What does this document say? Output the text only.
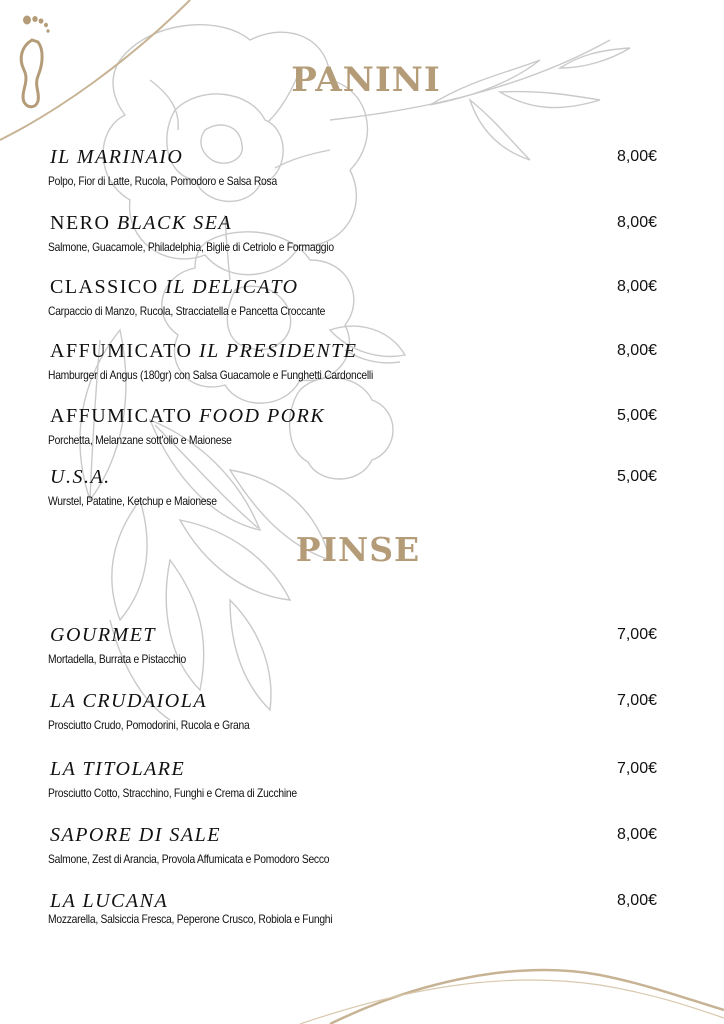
PANINI
IL MARINAIO
Polpo, Fior di Latte, Rucola, Pomodoro e Salsa Rosa
8,00€
NERO BLACK SEA
Salmone, Guacamole, Philadelphia, Biglie di Cetriolo e Formaggio
8,00€
CLASSICO IL DELICATO
Carpaccio di Manzo, Rucola, Stracciatella e Pancetta Croccante
8,00€
AFFUMICATO IL PRESIDENTE
Hamburger di Angus (180gr) con Salsa Guacamole e Funghetti Cardoncelli
8,00€
AFFUMICATO FOOD PORK
Porchetta, Melanzane sott'olio e Maionese
5,00€
U.S.A.
Wurstel, Patatine, Ketchup e Maionese
5,00€
PINSE
GOURMET
Mortadella, Burrata e Pistacchio
7,00€
LA CRUDAIOLA
Prosciutto Crudo, Pomodorini, Rucola e Grana
7,00€
LA TITOLARE
Prosciutto Cotto, Stracchino, Funghi e Crema di Zucchine
7,00€
SAPORE DI SALE
Salmone, Zest di Arancia, Provola Affumicata e Pomodoro Secco
8,00€
LA LUCANA
Mozzarella, Salsiccia Fresca, Peperone Crusco, Robiola e Funghi
8,00€
